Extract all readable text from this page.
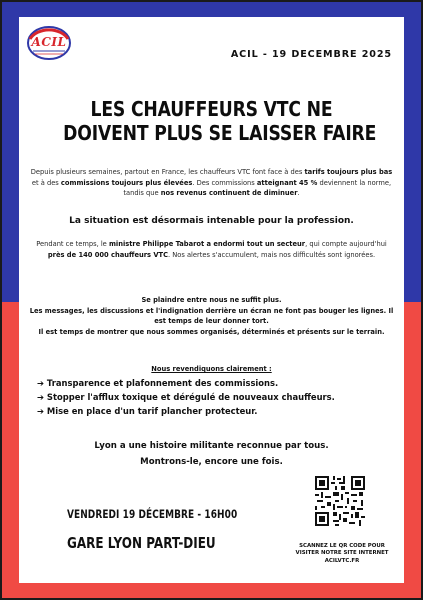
ACIL
ACIL - 19 DECEMBRE 2025
LES CHAUFFEURS VTC NE
DOIVENT PLUS SE LAISSER FAIRE
Depuis plusieurs semaines, partout en France, les chauffeurs VTC font face à des tarifs toujours plus bas et à des commissions toujours plus élevées. Des commissions atteignant 45 % deviennent la norme, tandis que nos revenus continuent de diminuer.
La situation est désormais intenable pour la profession.
Pendant ce temps, le ministre Philippe Tabarot a endormi tout un secteur, qui compte aujourd'hui près de 140 000 chauffeurs VTC. Nos alertes s'accumulent, mais nos difficultés sont ignorées.
Se plaindre entre nous ne suffit plus.
Les messages, les discussions et l'indignation derrière un écran ne font pas bouger les lignes. Il est temps de leur donner tort.
Il est temps de montrer que nous sommes organisés, déterminés et présents sur le terrain.
Nous revendiquons clairement :
➔ Transparence et plafonnement des commissions.
➔ Stopper l'afflux toxique et dérégulé de nouveaux chauffeurs.
➔ Mise en place d'un tarif plancher protecteur.
Lyon a une histoire militante reconnue par tous.
Montrons-le, encore une fois.
VENDREDI 19 DÉCEMBRE - 16H00
GARE LYON PART-DIEU	SCANNEZ LE QR CODE POUR
VISITER NOTRE SITE INTERNET
ACILVTC.FR
